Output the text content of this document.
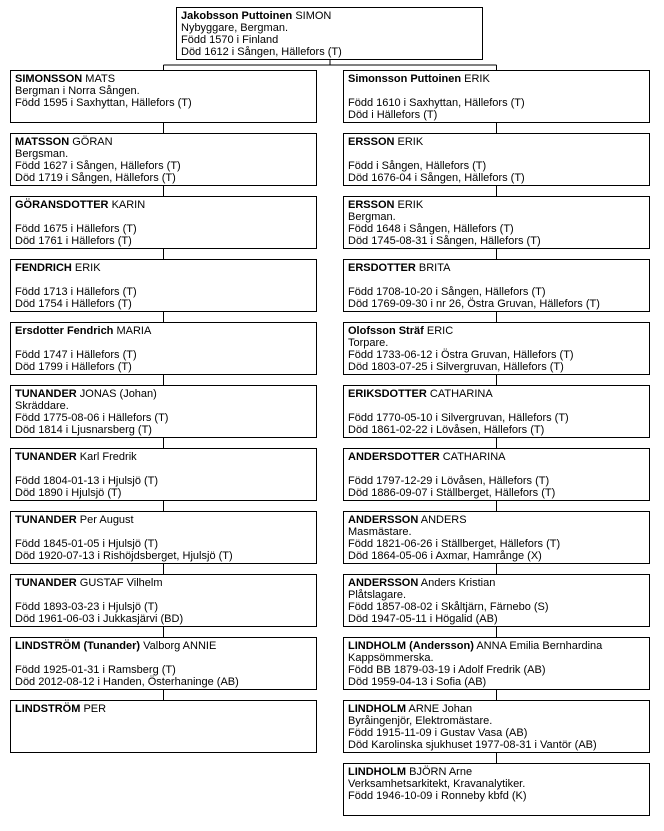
Jakobsson Puttoinen SIMON
Nybyggare, Bergman.
Född 1570 i Finland
Död 1612 i Sången, Hällefors (T)
SIMONSSON MATS
Bergman i Norra Sången.
Född 1595 i Saxhyttan, Hällefors (T)
MATSSON GÖRAN
Bergsman.
Född 1627 i Sången, Hällefors (T)
Död 1719 i Sången, Hällefors (T)
GÖRANSDOTTER KARIN
Född 1675 i Hällefors (T)
Död 1761 i Hällefors (T)
FENDRICH ERIK
Född 1713 i Hällefors (T)
Död 1754 i Hällefors (T)
Ersdotter Fendrich MARIA
Född 1747 i Hällefors (T)
Död 1799 i Hällefors (T)
TUNANDER JONAS (Johan)
Skräddare.
Född 1775-08-06 i Hällefors (T)
Död 1814 i Ljusnarsberg (T)
TUNANDER Karl Fredrik
Född 1804-01-13 i Hjulsjö (T)
Död 1890 i Hjulsjö (T)
TUNANDER Per August
Född 1845-01-05 i Hjulsjö (T)
Död 1920-07-13 i Rishöjdsberget, Hjulsjö (T)
TUNANDER GUSTAF Vilhelm
Född 1893-03-23 i Hjulsjö (T)
Död 1961-06-03 i Jukkasjärvi (BD)
LINDSTRÖM (Tunander) Valborg ANNIE
Född 1925-01-31 i Ramsberg (T)
Död 2012-08-12 i Handen, Österhaninge (AB)
LINDSTRÖM PER
Simonsson Puttoinen ERIK
Född 1610 i Saxhyttan, Hällefors (T)
Död i Hällefors (T)
ERSSON ERIK
Född i Sången, Hällefors (T)
Död 1676-04 i Sången, Hällefors (T)
ERSSON ERIK
Bergman.
Född 1648 i Sången, Hällefors (T)
Död 1745-08-31 i Sången, Hällefors (T)
ERSDOTTER BRITA
Född 1708-10-20 i Sången, Hällefors (T)
Död 1769-09-30 i nr 26, Östra Gruvan, Hällefors (T)
Olofsson Sträf ERIC
Torpare.
Född 1733-06-12 i Östra Gruvan, Hällefors (T)
Död 1803-07-25 i Silvergruvan, Hällefors (T)
ERIKSDOTTER CATHARINA
Född 1770-05-10 i Silvergruvan, Hällefors (T)
Död 1861-02-22 i Lövåsen, Hällefors (T)
ANDERSDOTTER CATHARINA
Född 1797-12-29 i Lövåsen, Hällefors (T)
Död 1886-09-07 i Ställberget, Hällefors (T)
ANDERSSON ANDERS
Masmästare.
Född 1821-06-26 i Ställberget, Hällefors (T)
Död 1864-05-06 i Axmar, Hamrånge (X)
ANDERSSON Anders Kristian
Plåtslagare.
Född 1857-08-02 i Skåltjärn, Färnebo (S)
Död 1947-05-11 i Högalid (AB)
LINDHOLM (Andersson) ANNA Emilia Bernhardina
Kappsömmerska.
Född BB 1879-03-19 i Adolf Fredrik (AB)
Död 1959-04-13 i Sofia (AB)
LINDHOLM ARNE Johan
Byråingenjör, Elektromästare.
Född 1915-11-09 i Gustav Vasa (AB)
Död Karolinska sjukhuset 1977-08-31 i Vantör (AB)
LINDHOLM BJÖRN Arne
Verksamhetsarkitekt, Kravanalytiker.
Född 1946-10-09 i Ronneby kbfd (K)
